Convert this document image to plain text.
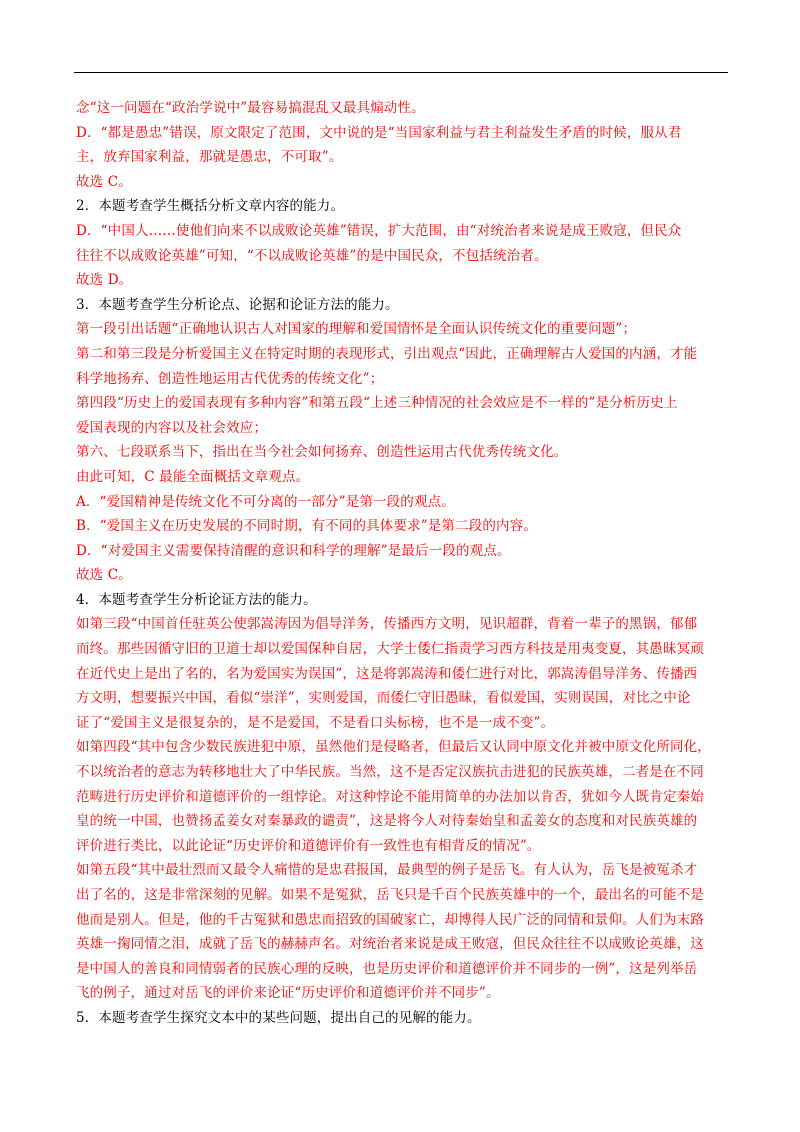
念“这一问题在“政治学说中”最容易搞混乱又最具煽动性。
D．“都是愚忠”错误，原文限定了范围，文中说的是“当国家利益与君主利益发生矛盾的时候，服从君
主，放弃国家利益，那就是愚忠，不可取”。
故选 C。
2．本题考查学生概括分析文章内容的能力。
D．“中国人……使他们向来不以成败论英雄”错误，扩大范围，由“对统治者来说是成王败寇，但民众
往往不以成败论英雄”可知，“不以成败论英雄”的是中国民众，不包括统治者。
故选 D。
3．本题考查学生分析论点、论据和论证方法的能力。
第一段引出话题“正确地认识古人对国家的理解和爱国情怀是全面认识传统文化的重要问题”；
第二和第三段是分析爱国主义在特定时期的表现形式，引出观点“因此，正确理解古人爱国的内涵，才能
科学地扬弃、创造性地运用古代优秀的传统文化”；
第四段“历史上的爱国表现有多种内容”和第五段“上述三种情况的社会效应是不一样的”是分析历史上
爱国表现的内容以及社会效应；
第六、七段联系当下，指出在当今社会如何扬弃、创造性运用古代优秀传统文化。
由此可知，C 最能全面概括文章观点。
A．“爱国精神是传统文化不可分离的一部分”是第一段的观点。
B．“爱国主义在历史发展的不同时期，有不同的具体要求”是第二段的内容。
D．“对爱国主义需要保持清醒的意识和科学的理解”是最后一段的观点。
故选 C。
4．本题考查学生分析论证方法的能力。
如第三段“中国首任驻英公使郭嵩涛因为倡导洋务，传播西方文明，见识超群，背着一辈子的黑锅，郁郁
而终。那些因循守旧的卫道士却以爱国保种自居，大学士倭仁指责学习西方科技是用夷变夏，其愚昧冥顽
在近代史上是出了名的，名为爱国实为误国”，这是将郭嵩涛和倭仁进行对比，郭嵩涛倡导洋务、传播西
方文明，想要振兴中国，看似“崇洋”，实则爱国，而倭仁守旧愚昧，看似爱国，实则误国，对比之中论
证了“爱国主义是很复杂的，是不是爱国，不是看口头标榜，也不是一成不变”。
如第四段“其中包含少数民族进犯中原，虽然他们是侵略者，但最后又认同中原文化并被中原文化所同化，
不以统治者的意志为转移地壮大了中华民族。当然，这不是否定汉族抗击进犯的民族英雄，二者是在不同
范畴进行历史评价和道德评价的一组悖论。对这种悖论不能用简单的办法加以肯否，犹如今人既肯定秦始
皇的统一中国，也赞扬孟姜女对秦暴政的谴责”，这是将今人对待秦始皇和孟姜女的态度和对民族英雄的
评价进行类比，以此论证“历史评价和道德评价有一致性也有相背反的情况”。
如第五段“其中最壮烈而又最令人痛惜的是忠君报国，最典型的例子是岳飞。有人认为，岳飞是被冤杀才
出了名的，这是非常深刻的见解。如果不是冤狱，岳飞只是千百个民族英雄中的一个，最出名的可能不是
他而是别人。但是，他的千古冤狱和愚忠而招致的国破家亡，却博得人民广泛的同情和景仰。人们为末路
英雄一掬同情之泪，成就了岳飞的赫赫声名。对统治者来说是成王败寇，但民众往往不以成败论英雄，这
是中国人的善良和同情弱者的民族心理的反映，也是历史评价和道德评价并不同步的一例”，这是列举岳
飞的例子，通过对岳飞的评价来论证“历史评价和道德评价并不同步”。
5．本题考查学生探究文本中的某些问题，提出自己的见解的能力。
